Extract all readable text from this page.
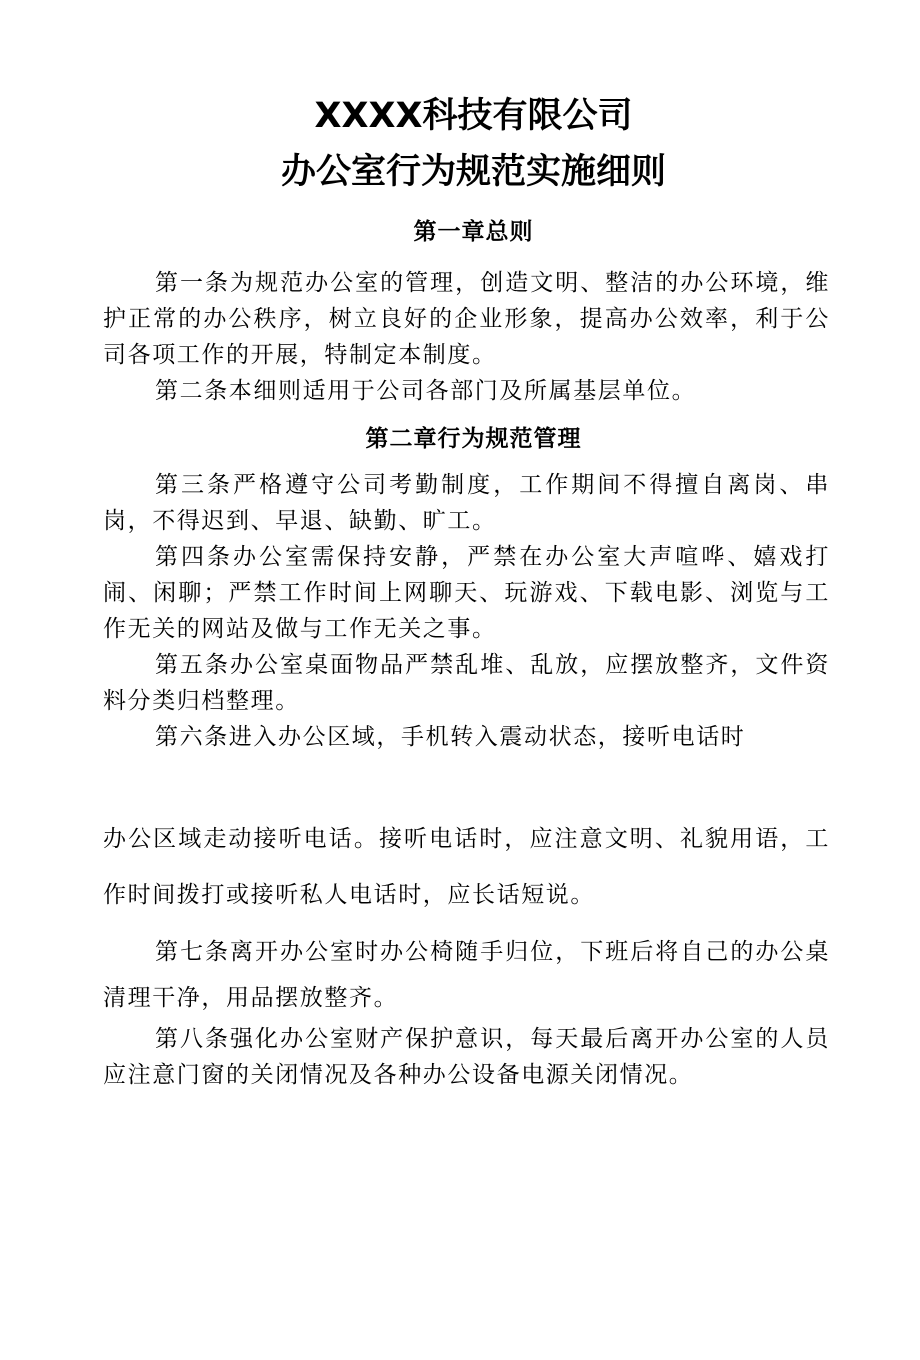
XXXX科技有限公司
办公室行为规范实施细则
第一章总则

第一条为规范办公室的管理，创造文明、整洁的办公环境，维护正常的办公秩序，树立良好的企业形象，提高办公效率，利于公司各项工作的开展，特制定本制度。

第二条本细则适用于公司各部门及所属基层单位。

第二章行为规范管理

第三条严格遵守公司考勤制度，工作期间不得擅自离岗、串岗，不得迟到、早退、缺勤、旷工。

第四条办公室需保持安静，严禁在办公室大声喧哗、嬉戏打闹、闲聊；严禁工作时间上网聊天、玩游戏、下载电影、浏览与工作无关的网站及做与工作无关之事。

第五条办公室桌面物品严禁乱堆、乱放，应摆放整齐，文件资料分类归档整理。

第六条进入办公区域，手机转入震动状态，接听电话时

办公区域走动接听电话。接听电话时，应注意文明、礼貌用语，工作时间拨打或接听私人电话时，应长话短说。

第七条离开办公室时办公椅随手归位，下班后将自己的办公桌清理干净，用品摆放整齐。

第八条强化办公室财产保护意识，每天最后离开办公室的人员应注意门窗的关闭情况及各种办公设备电源关闭情况。
